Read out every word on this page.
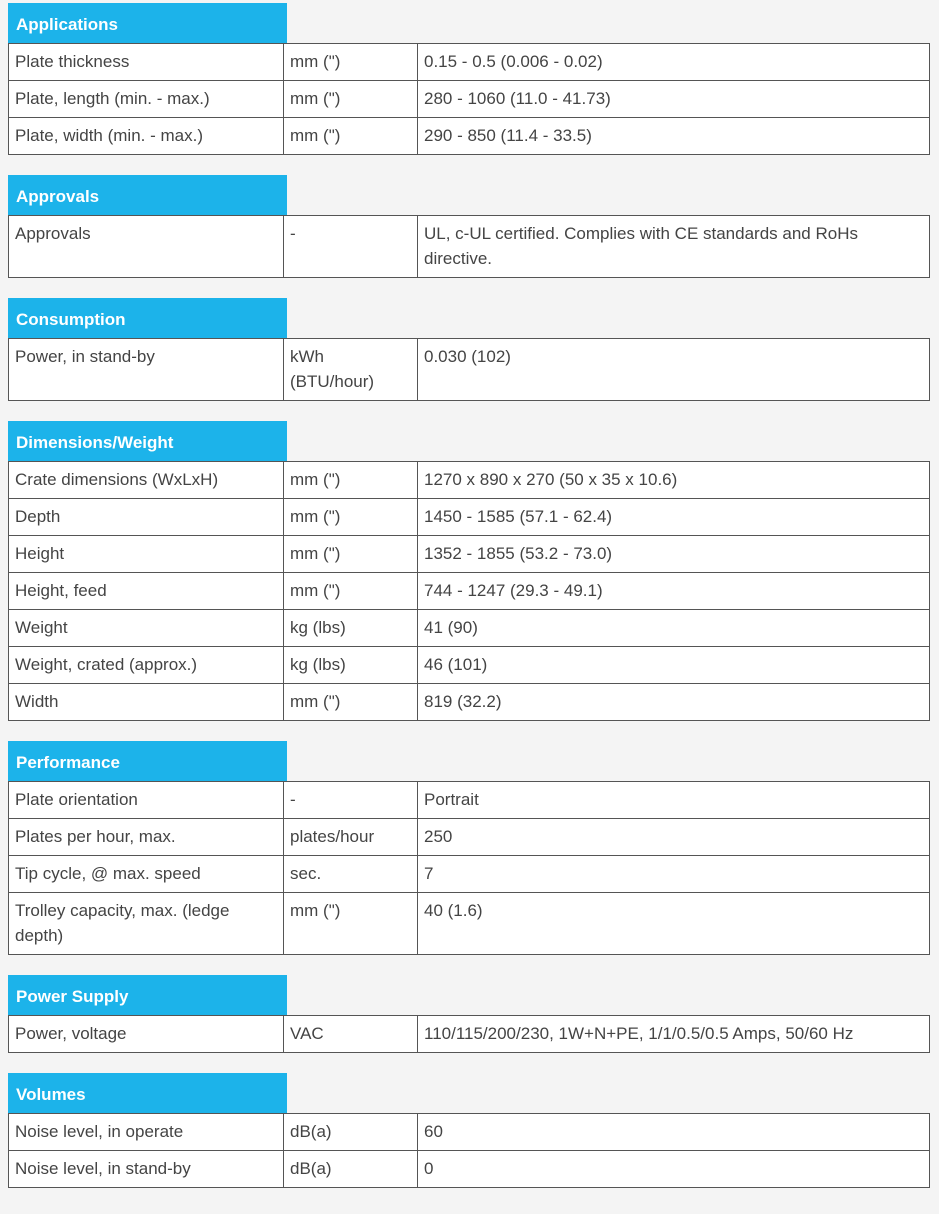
Applications
Plate thickness	mm (")	0.15 - 0.5 (0.006 - 0.02)
Plate, length (min. - max.)	mm (")	280 - 1060 (11.0 - 41.73)
Plate, width (min. - max.)	mm (")	290 - 850 (11.4 - 33.5)
Approvals
Approvals	-	UL, c-UL certified. Complies with CE standards and RoHs directive.
Consumption
Power, in stand-by	kWh (BTU/hour)	0.030 (102)
Dimensions/Weight
Crate dimensions (WxLxH)	mm (")	1270 x 890 x 270 (50 x 35 x 10.6)
Depth	mm (")	1450 - 1585 (57.1 - 62.4)
Height	mm (")	1352 - 1855 (53.2 - 73.0)
Height, feed	mm (")	744 - 1247 (29.3 - 49.1)
Weight	kg (lbs)	41 (90)
Weight, crated (approx.)	kg (lbs)	46 (101)
Width	mm (")	819 (32.2)
Performance
Plate orientation	-	Portrait
Plates per hour, max.	plates/hour	250
Tip cycle, @ max. speed	sec.	7
Trolley capacity, max. (ledge depth)	mm (")	40 (1.6)
Power Supply
Power, voltage	VAC	110/115/200/230, 1W+N+PE, 1/1/0.5/0.5 Amps, 50/60 Hz
Volumes
Noise level, in operate	dB(a)	60
Noise level, in stand-by	dB(a)	0
